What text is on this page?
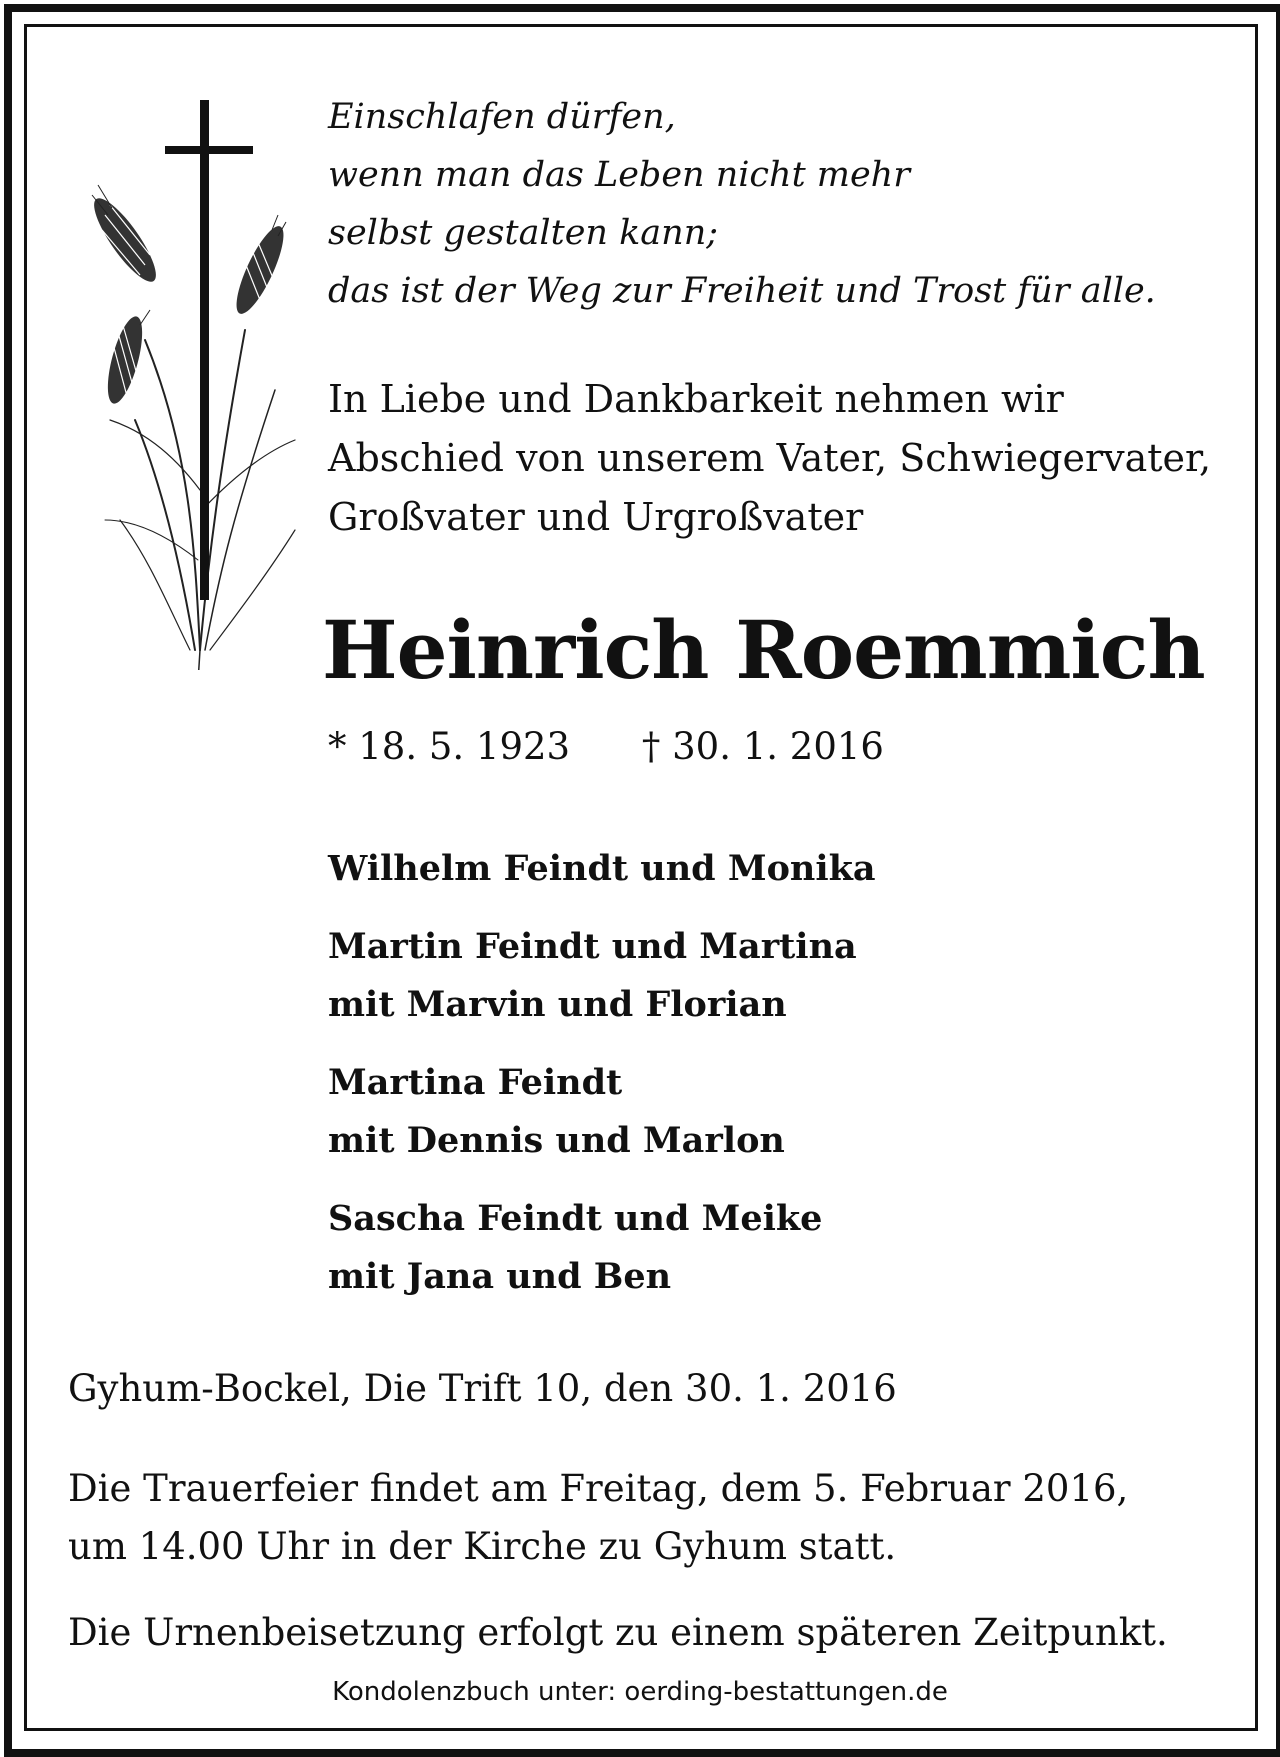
Einschlafen dürfen,
wenn man das Leben nicht mehr
selbst gestalten kann;
das ist der Weg zur Freiheit und Trost für alle.
In Liebe und Dankbarkeit nehmen wir
Abschied von unserem Vater, Schwiegervater,
Großvater und Urgroßvater
Heinrich Roemmich
* 18. 5. 1923 † 30. 1. 2016
Wilhelm Feindt und Monika
Martin Feindt und Martina
mit Marvin und Florian
Martina Feindt
mit Dennis und Marlon
Sascha Feindt und Meike
mit Jana und Ben
Gyhum-Bockel, Die Trift 10, den 30. 1. 2016
Die Trauerfeier findet am Freitag, dem 5. Februar 2016,
um 14.00 Uhr in der Kirche zu Gyhum statt.
Die Urnenbeisetzung erfolgt zu einem späteren Zeitpunkt.
Kondolenzbuch unter: oerding-bestattungen.de
